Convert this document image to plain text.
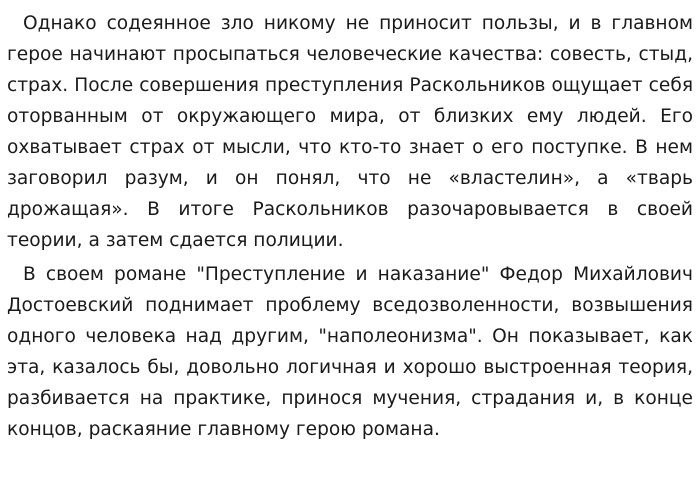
Однако содеянное зло никому не приносит пользы, и в главном герое начинают просыпаться человеческие качества: совесть, стыд, страх. После совершения преступления Раскольников ощущает себя оторванным от окружающего мира, от близких ему людей. Его охватывает страх от мысли, что кто-то знает о его поступке. В нем заговорил разум, и он понял, что не «властелин», а «тварь дрожащая». В итоге Раскольников разочаровывается в своей теории, а затем сдается полиции.

В своем романе "Преступление и наказание" Федор Михайлович Достоевский поднимает проблему вседозволенности, возвышения одного человека над другим, "наполеонизма". Он показывает, как эта, казалось бы, довольно логичная и хорошо выстроенная теория, разбивается на практике, принося мучения, страдания и, в конце концов, раскаяние главному герою романа.
